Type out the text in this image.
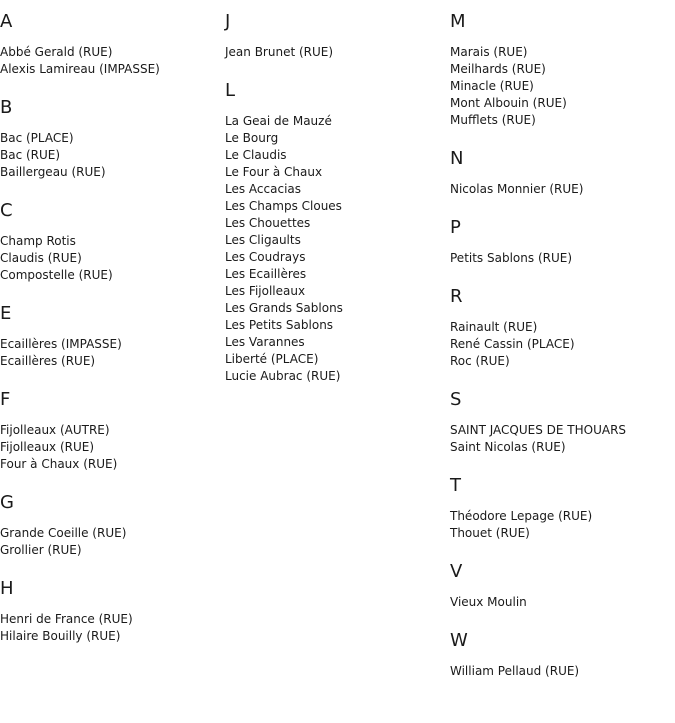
A
Abbé Gerald (RUE)
Alexis Lamireau (IMPASSE)
B
Bac (PLACE)
Bac (RUE)
Baillergeau (RUE)
C
Champ Rotis
Claudis (RUE)
Compostelle (RUE)
E
Ecaillères (IMPASSE)
Ecaillères (RUE)
F
Fijolleaux (AUTRE)
Fijolleaux (RUE)
Four à Chaux (RUE)
G
Grande Coeille (RUE)
Grollier (RUE)
H
Henri de France (RUE)
Hilaire Bouilly (RUE)
J
Jean Brunet (RUE)
L
La Geai de Mauzé
Le Bourg
Le Claudis
Le Four à Chaux
Les Accacias
Les Champs Cloues
Les Chouettes
Les Cligaults
Les Coudrays
Les Ecaillères
Les Fijolleaux
Les Grands Sablons
Les Petits Sablons
Les Varannes
Liberté (PLACE)
Lucie Aubrac (RUE)
M
Marais (RUE)
Meilhards (RUE)
Minacle (RUE)
Mont Albouin (RUE)
Mufflets (RUE)
N
Nicolas Monnier (RUE)
P
Petits Sablons (RUE)
R
Rainault (RUE)
René Cassin (PLACE)
Roc (RUE)
S
SAINT JACQUES DE THOUARS
Saint Nicolas (RUE)
T
Théodore Lepage (RUE)
Thouet (RUE)
V
Vieux Moulin
W
William Pellaud (RUE)
